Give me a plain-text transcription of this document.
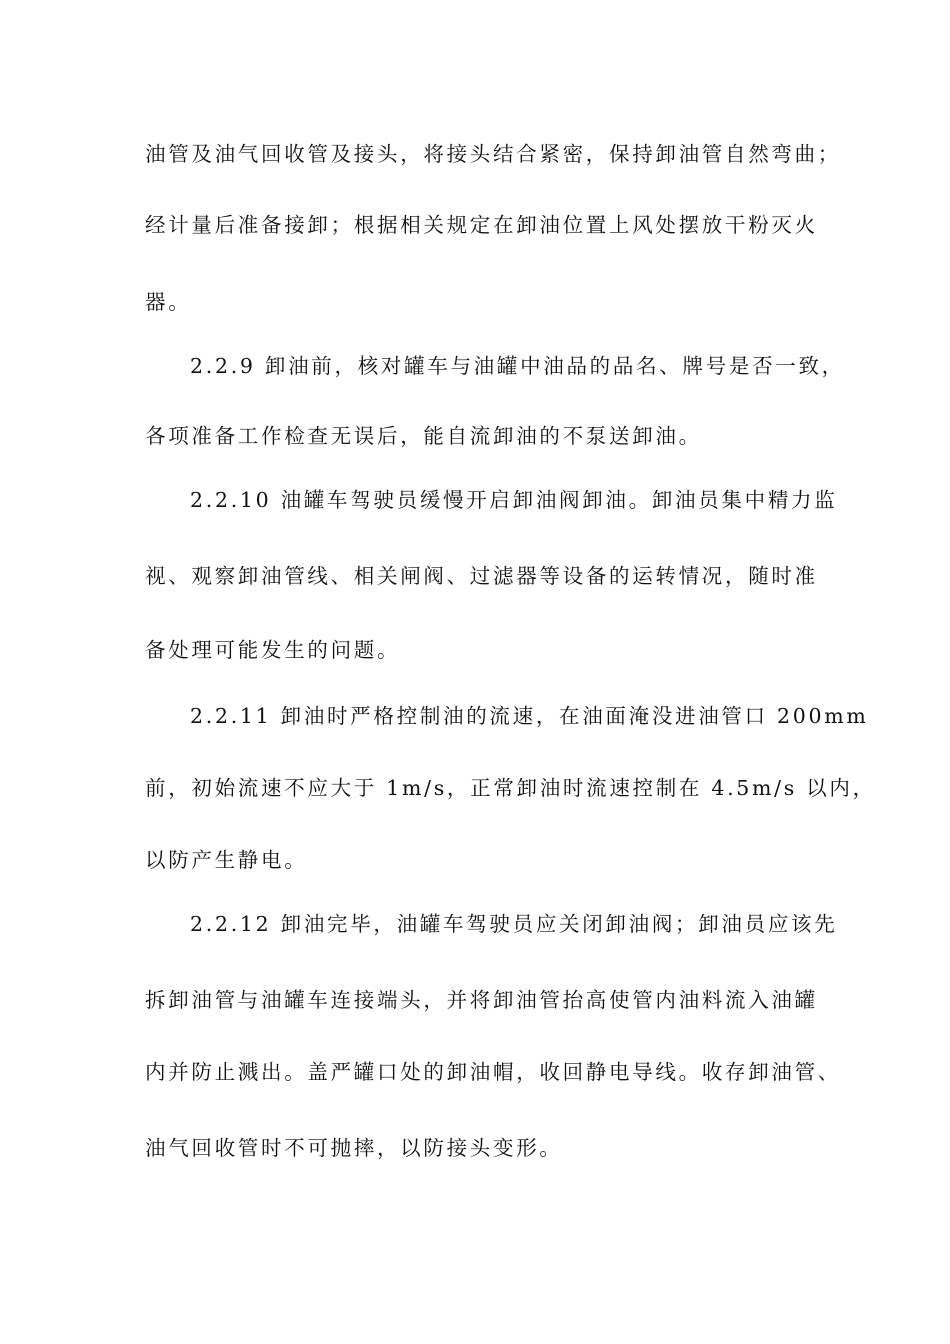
油管及油气回收管及接头，将接头结合紧密，保持卸油管自然弯曲；
经计量后准备接卸；根据相关规定在卸油位置上风处摆放干粉灭火
器。
2.2.9 卸油前，核对罐车与油罐中油品的品名、牌号是否一致，
各项准备工作检查无误后，能自流卸油的不泵送卸油。
2.2.10 油罐车驾驶员缓慢开启卸油阀卸油。卸油员集中精力监
视、观察卸油管线、相关闸阀、过滤器等设备的运转情况，随时准
备处理可能发生的问题。
2.2.11 卸油时严格控制油的流速，在油面淹没进油管口 200mm
前，初始流速不应大于 1m/s，正常卸油时流速控制在 4.5m/s 以内，
以防产生静电。
2.2.12 卸油完毕，油罐车驾驶员应关闭卸油阀；卸油员应该先
拆卸油管与油罐车连接端头，并将卸油管抬高使管内油料流入油罐
内并防止溅出。盖严罐口处的卸油帽，收回静电导线。收存卸油管、
油气回收管时不可抛摔，以防接头变形。
